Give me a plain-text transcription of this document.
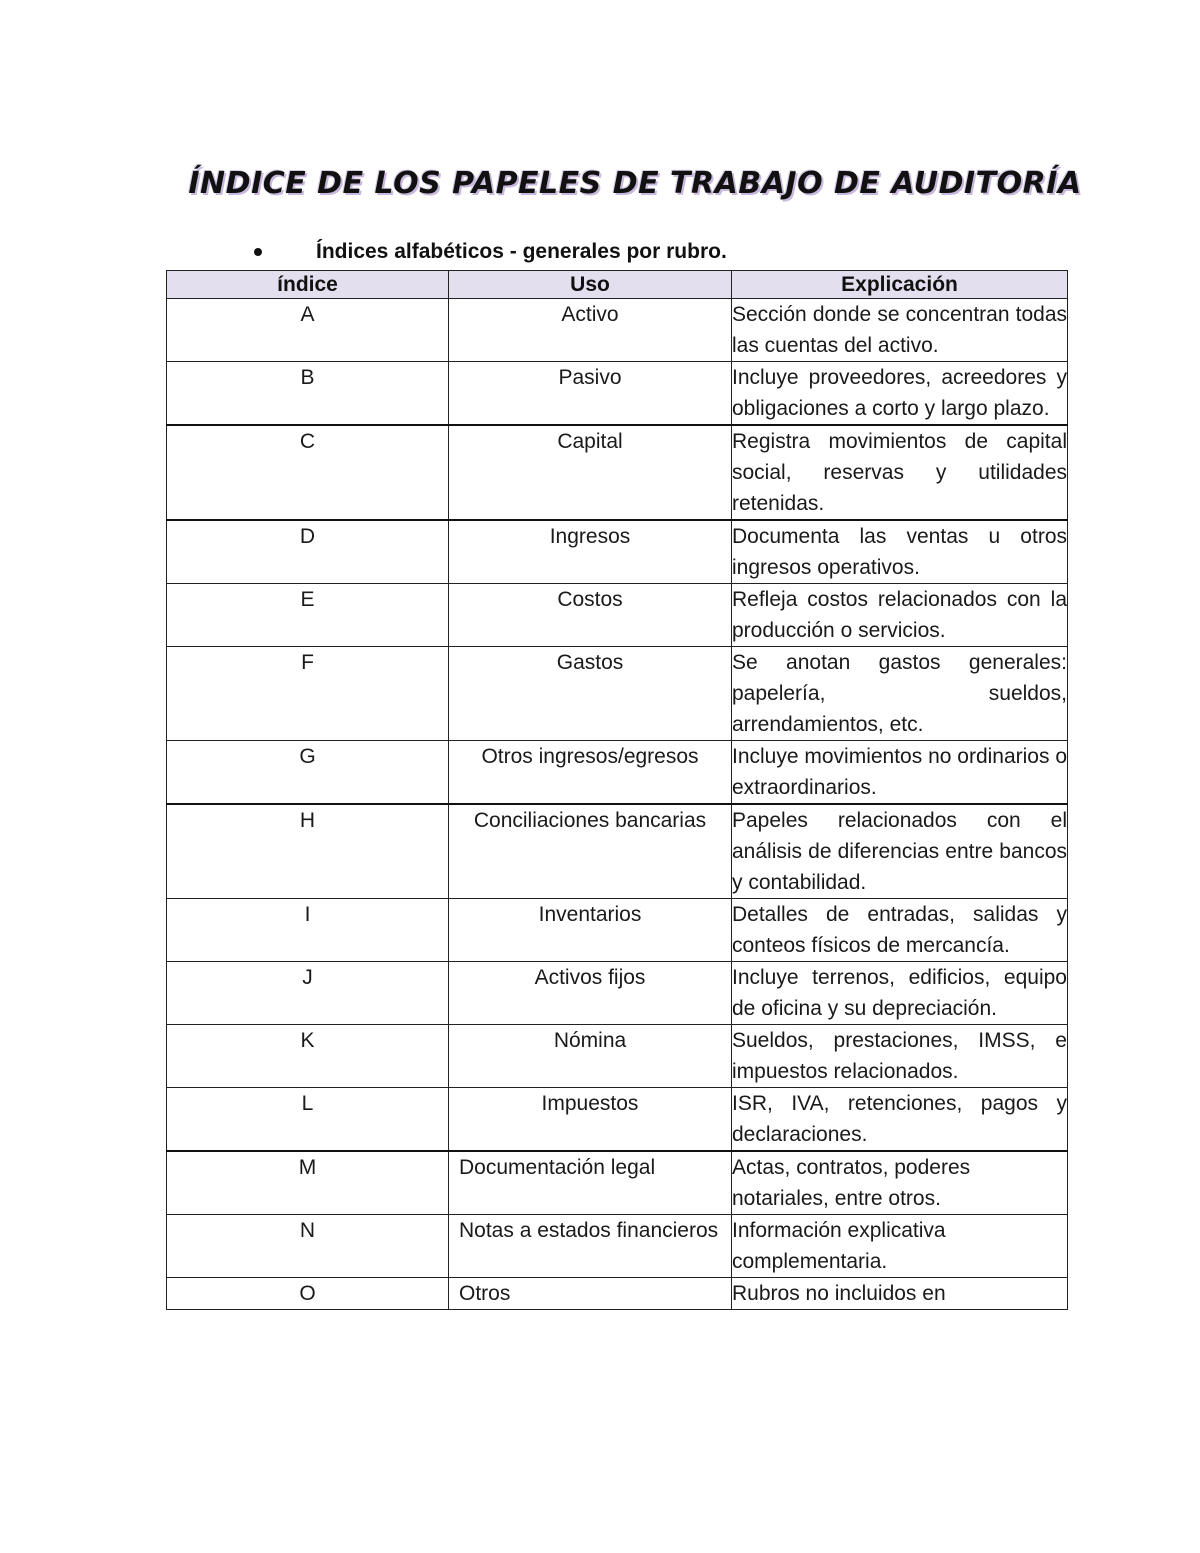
ÍNDICE DE LOS PAPELES DE TRABAJO DE AUDITORÍA
Índices alfabéticos - generales por rubro.
índice	Uso	Explicación
A	Activo	Sección donde se concentran todas las cuentas del activo.
B	Pasivo	Incluye proveedores, acreedores y obligaciones a corto y largo plazo.
C	Capital	Registra movimientos de capital social, reservas y utilidades retenidas.
D	Ingresos	Documenta las ventas u otros ingresos operativos.
E	Costos	Refleja costos relacionados con la producción o servicios.
F	Gastos	Se anotan gastos generales: papelería, sueldos, arrendamientos, etc.
G	Otros ingresos/egresos	Incluye movimientos no ordinarios o extraordinarios.
H	Conciliaciones bancarias	Papeles relacionados con el análisis de diferencias entre bancos y contabilidad.
I	Inventarios	Detalles de entradas, salidas y conteos físicos de mercancía.
J	Activos fijos	Incluye terrenos, edificios, equipo de oficina y su depreciación.
K	Nómina	Sueldos, prestaciones, IMSS, e impuestos relacionados.
L	Impuestos	ISR, IVA, retenciones, pagos y declaraciones.
M	Documentación legal	Actas, contratos, poderes notariales, entre otros.
N	Notas a estados financieros	Información explicativa complementaria.
O	Otros	Rubros no incluidos en
